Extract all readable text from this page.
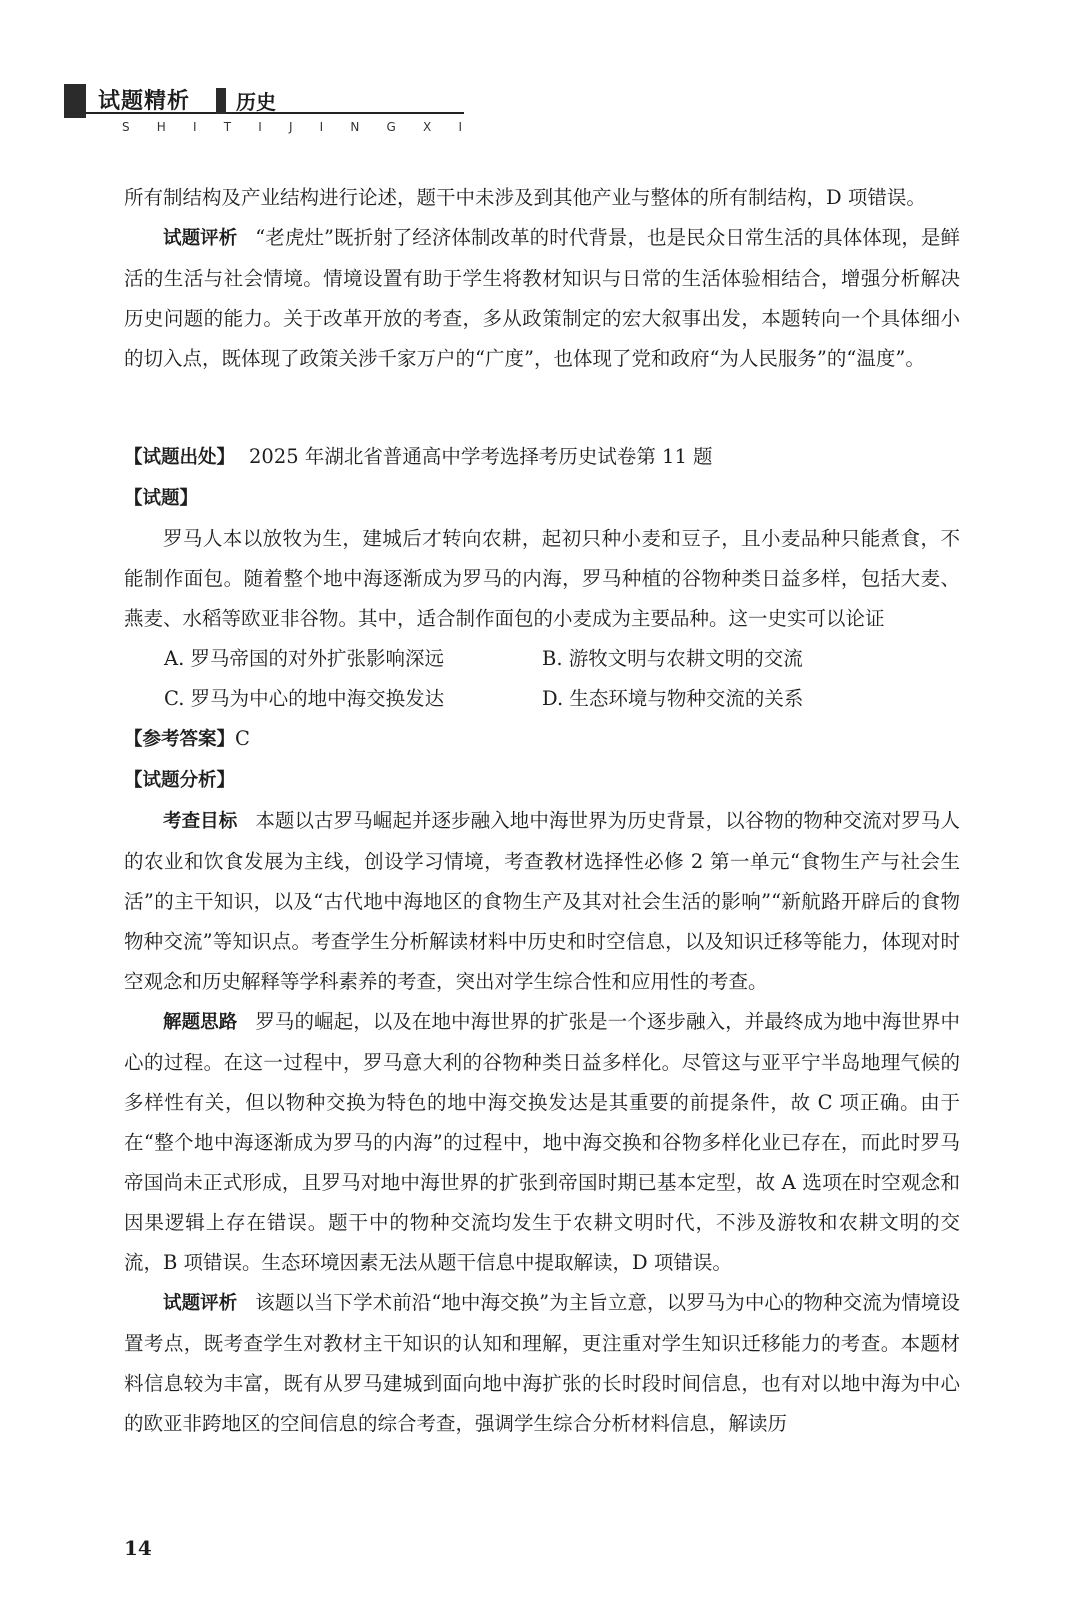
试题精析 历史
S H I T I J I N G X I

所有制结构及产业结构进行论述，题干中未涉及到其他产业与整体的所有制结构，D 项错误。

试题评析 “老虎灶”既折射了经济体制改革的时代背景，也是民众日常生活的具体体现，是鲜活的生活与社会情境。情境设置有助于学生将教材知识与日常的生活体验相结合，增强分析解决历史问题的能力。关于改革开放的考查，多从政策制定的宏大叙事出发，本题转向一个具体细小的切入点，既体现了政策关涉千家万户的“广度”，也体现了党和政府“为人民服务”的“温度”。

【试题出处】 2025 年湖北省普通高中学考选择考历史试卷第 11 题

【试题】

罗马人本以放牧为生，建城后才转向农耕，起初只种小麦和豆子，且小麦品种只能煮食，不能制作面包。随着整个地中海逐渐成为罗马的内海，罗马种植的谷物种类日益多样，包括大麦、燕麦、水稻等欧亚非谷物。其中，适合制作面包的小麦成为主要品种。这一史实可以论证

A. 罗马帝国的对外扩张影响深远	B. 游牧文明与农耕文明的交流
C. 罗马为中心的地中海交换发达	D. 生态环境与物种交流的关系

【参考答案】C

【试题分析】

考查目标 本题以古罗马崛起并逐步融入地中海世界为历史背景，以谷物的物种交流对罗马人的农业和饮食发展为主线，创设学习情境，考查教材选择性必修 2 第一单元“食物生产与社会生活”的主干知识，以及“古代地中海地区的食物生产及其对社会生活的影响”“新航路开辟后的食物物种交流”等知识点。考查学生分析解读材料中历史和时空信息，以及知识迁移等能力，体现对时空观念和历史解释等学科素养的考查，突出对学生综合性和应用性的考查。

解题思路 罗马的崛起，以及在地中海世界的扩张是一个逐步融入，并最终成为地中海世界中心的过程。在这一过程中，罗马意大利的谷物种类日益多样化。尽管这与亚平宁半岛地理气候的多样性有关，但以物种交换为特色的地中海交换发达是其重要的前提条件，故 C 项正确。由于在“整个地中海逐渐成为罗马的内海”的过程中，地中海交换和谷物多样化业已存在，而此时罗马帝国尚未正式形成，且罗马对地中海世界的扩张到帝国时期已基本定型，故 A 选项在时空观念和因果逻辑上存在错误。题干中的物种交流均发生于农耕文明时代，不涉及游牧和农耕文明的交流，B 项错误。生态环境因素无法从题干信息中提取解读，D 项错误。

试题评析 该题以当下学术前沿“地中海交换”为主旨立意，以罗马为中心的物种交流为情境设置考点，既考查学生对教材主干知识的认知和理解，更注重对学生知识迁移能力的考查。本题材料信息较为丰富，既有从罗马建城到面向地中海扩张的长时段时间信息，也有对以地中海为中心的欧亚非跨地区的空间信息的综合考查，强调学生综合分析材料信息，解读历

14
